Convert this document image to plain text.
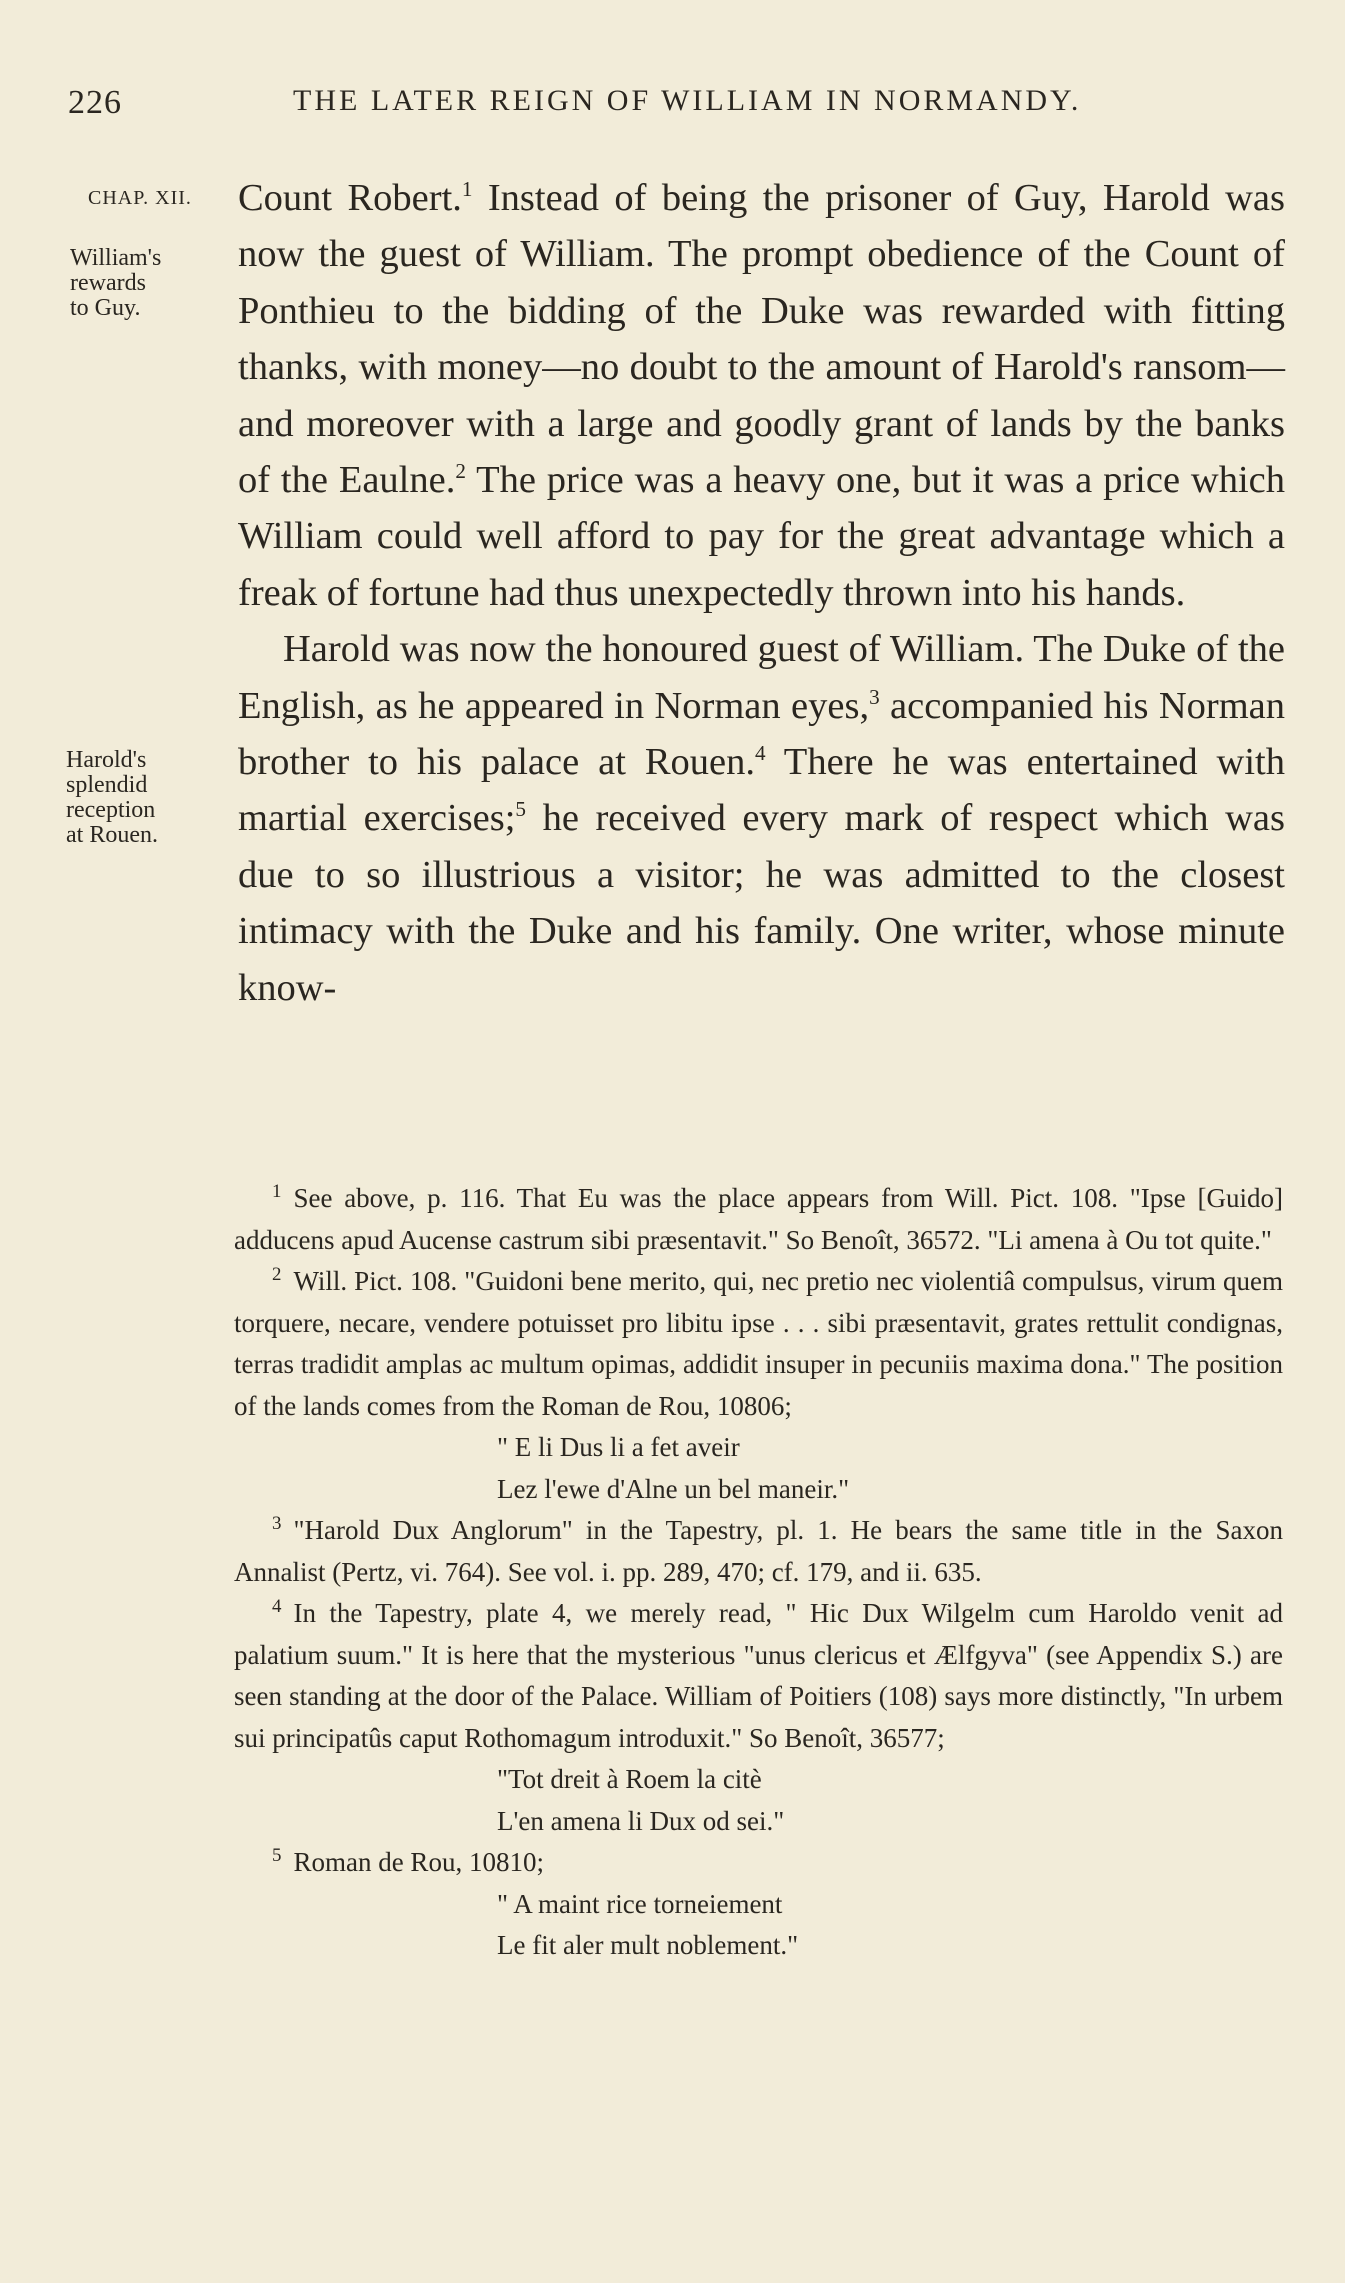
226	THE LATER REIGN OF WILLIAM IN NORMANDY.
CHAP. XII.
William's
rewards
to Guy.
Harold's
splendid
reception
at Rouen.

Count Robert.$^1$ Instead of being the prisoner of Guy, Harold was now the guest of William. The prompt obedience of the Count of Ponthieu to the bidding of the Duke was rewarded with fitting thanks, with money—no doubt to the amount of Harold's ransom—and moreover with a large and goodly grant of lands by the banks of the Eaulne.$^2$ The price was a heavy one, but it was a price which William could well afford to pay for the great advantage which a freak of fortune had thus unexpectedly thrown into his hands.

Harold was now the honoured guest of William. The Duke of the English, as he appeared in Norman eyes,$^3$ accompanied his Norman brother to his palace at Rouen.$^4$ There he was entertained with martial exercises;$^5$ he received every mark of respect which was due to so illustrious a visitor; he was admitted to the closest intimacy with the Duke and his family. One writer, whose minute know-

$^1$ See above, p. 116. That Eu was the place appears from Will. Pict. 108. "Ipse [Guido] adducens apud Aucense castrum sibi præsentavit." So Benoît, 36572. "Li amena à Ou tot quite."

$^2$ Will. Pict. 108. "Guidoni bene merito, qui, nec pretio nec violentiâ compulsus, virum quem torquere, necare, vendere potuisset pro libitu ipse . . . sibi præsentavit, grates rettulit condignas, terras tradidit amplas ac multum opimas, addidit insuper in pecuniis maxima dona." The position of the lands comes from the Roman de Rou, 10806;

" E li Dus li a fet aveir

Lez l'ewe d'Alne un bel maneir."

$^3$ "Harold Dux Anglorum" in the Tapestry, pl. 1. He bears the same title in the Saxon Annalist (Pertz, vi. 764). See vol. i. pp. 289, 470; cf. 179, and ii. 635.

$^4$ In the Tapestry, plate 4, we merely read, " Hic Dux Wilgelm cum Haroldo venit ad palatium suum." It is here that the mysterious "unus clericus et Ælfgyva" (see Appendix S.) are seen standing at the door of the Palace. William of Poitiers (108) says more distinctly, "In urbem sui principatûs caput Rothomagum introduxit." So Benoît, 36577;

"Tot dreit à Roem la citè

L'en amena li Dux od sei."

$^5$ Roman de Rou, 10810;

" A maint rice torneiement

Le fit aler mult noblement."
